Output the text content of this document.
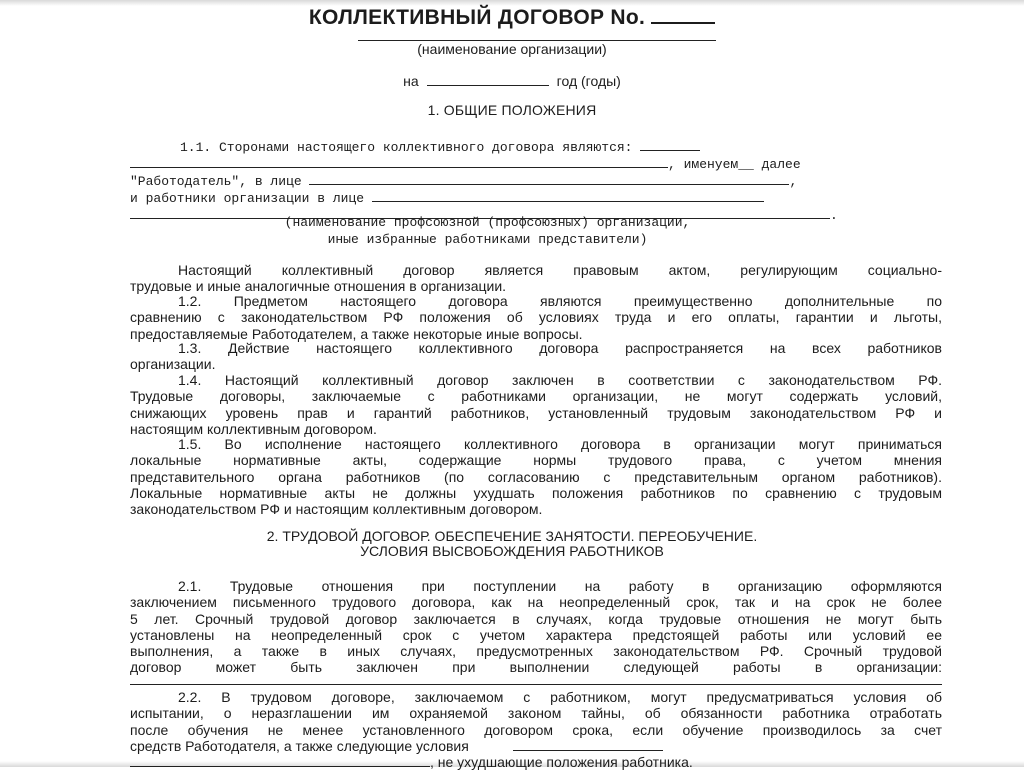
КОЛЛЕКТИВНЫЙ ДОГОВОР No.
(наименование организации)
на	год (годы)
1. ОБЩИЕ ПОЛОЖЕНИЯ
1.1. Сторонами настоящего коллективного договора являются:
, именуем__ далее
"Работодатель", в лице	,
и работники организации в лице
.
(наименование профсоюзной (профсоюзных) организации,
иные избранные работниками представители)

Настоящий коллективный договор является правовым актом, регулирующим социально-

трудовые и иные аналогичные отношения в организации.

1.2. Предметом настоящего договора являются преимущественно дополнительные по

сравнению с законодательством РФ положения об условиях труда и его оплаты, гарантии и льготы,

предоставляемые Работодателем, а также некоторые иные вопросы.

1.3. Действие настоящего коллективного договора распространяется на всех работников

организации.

1.4. Настоящий коллективный договор заключен в соответствии с законодательством РФ.

Трудовые договоры, заключаемые с работниками организации, не могут содержать условий,

снижающих уровень прав и гарантий работников, установленный трудовым законодательством РФ и

настоящим коллективным договором.

1.5. Во исполнение настоящего коллективного договора в организации могут приниматься

локальные нормативные акты, содержащие нормы трудового права, с учетом мнения

представительного органа работников (по согласованию с представительным органом работников).

Локальные нормативные акты не должны ухудшать положения работников по сравнению с трудовым

законодательством РФ и настоящим коллективным договором.

2. ТРУДОВОЙ ДОГОВОР. ОБЕСПЕЧЕНИЕ ЗАНЯТОСТИ. ПЕРЕОБУЧЕНИЕ.
УСЛОВИЯ ВЫСВОБОЖДЕНИЯ РАБОТНИКОВ

2.1. Трудовые отношения при поступлении на работу в организацию оформляются

заключением письменного трудового договора, как на неопределенный срок, так и на срок не более

5 лет. Срочный трудовой договор заключается в случаях, когда трудовые отношения не могут быть

установлены на неопределенный срок с учетом характера предстоящей работы или условий ее

выполнения, а также в иных случаях, предусмотренных законодательством РФ. Срочный трудовой

договор может быть заключен при выполнении следующей работы в организации:

2.2. В трудовом договоре, заключаемом с работником, могут предусматриваться условия об

испытании, о неразглашении им охраняемой законом тайны, об обязанности работника отработать

после обучения не менее установленного договором срока, если обучение производилось за счет

средств Работодателя, а также следующие условия

, не ухудшающие положения работника.
